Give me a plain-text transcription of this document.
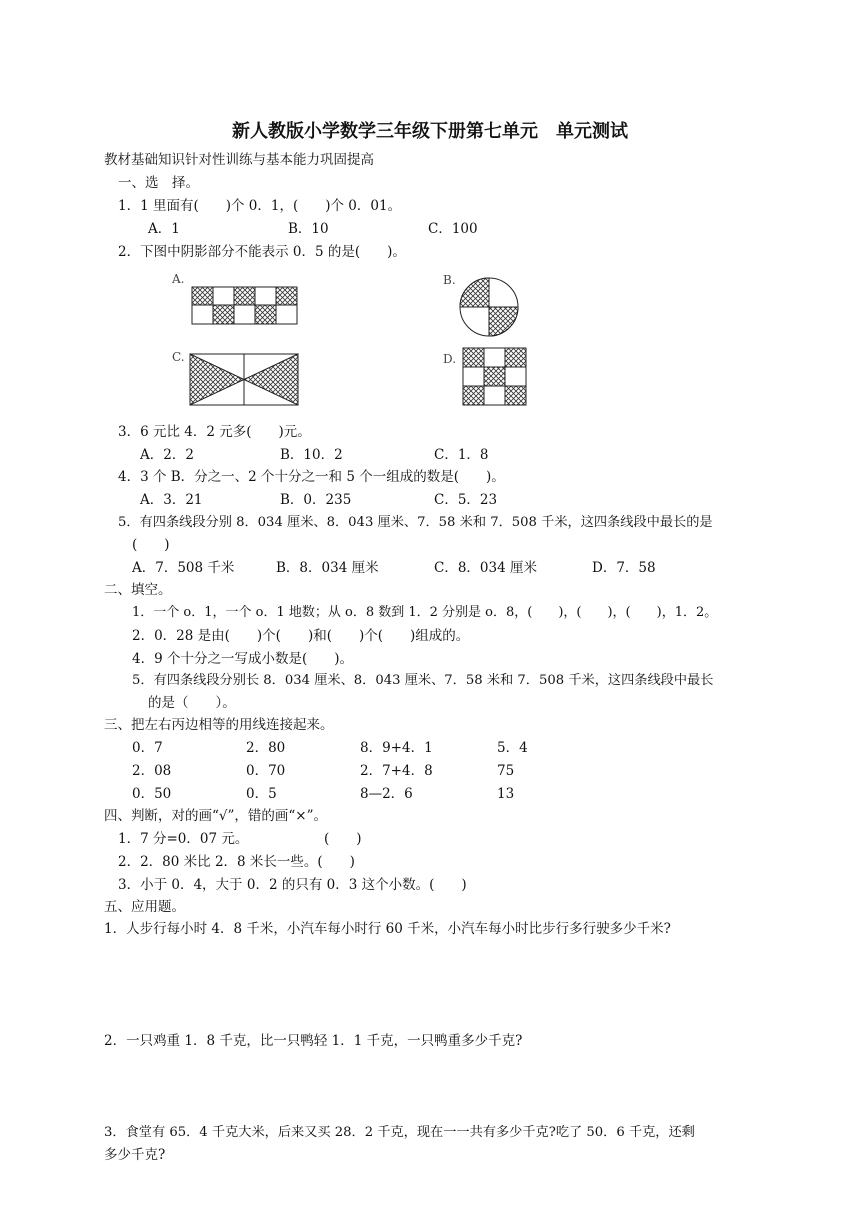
新人教版小学数学三年级下册第七单元　单元测试
教材基础知识针对性训练与基本能力巩固提高
一、选　择。
1．1 里面有(　　)个 0．1，(　　)个 0．01。
A．1	B．10	C．100
2．下图中阴影部分不能表示 0．5 的是(　　)。
A.	B.
C.	D.
3．6 元比 4．2 元多(　　)元。
A．2．2	B．10．2	C．1．8
4．3 个 B．分之一、2 个十分之一和 5 个一组成的数是(　　)。
A．3．21	B．0．235	C．5．23
5．有四条线段分别 8．034 厘米、8．043 厘米、7．58 米和 7．508 千米，这四条线段中最长的是
(　　)
A．7．508 千米	B．8．034 厘米	C．8．034 厘米	D．7．58
二、填空。
1．一个 o．1，一个 o．1 地数；从 o．8 数到 1．2 分别是 o．8，(　　)，(　　)，(　　)，1．2。
2．0．28 是由(　　)个(　　)和(　　)个(　　)组成的。
4．9 个十分之一写成小数是(　　)。
5．有四条线段分别长 8．034 厘米、8．043 厘米、7．58 米和 7．508 千米，这四条线段中最长
的是（　　）。
三、把左右丙边相等的用线连接起来。
0．7	2．80	8．9+4．1	5．4
2．08	0．70	2．7+4．8	75
0．50	0．5	8—2．6	13
四、判断，对的画“√”，错的画“×”。
1．7 分=0．07 元。	(　　)
2．2．80 米比 2．8 米长一些。(　　)
3．小于 0．4，大于 0．2 的只有 0．3 这个小数。(　　)
五、应用题。
1．人步行每小时 4．8 千米，小汽车每小时行 60 千米，小汽车每小时比步行多行驶多少千米?
2．一只鸡重 1．8 千克，比一只鸭轻 1．1 千克，一只鸭重多少千克?
3．食堂有 65．4 千克大米，后来又买 28．2 千克，现在一一共有多少千克?吃了 50．6 千克，还剩
多少千克?
